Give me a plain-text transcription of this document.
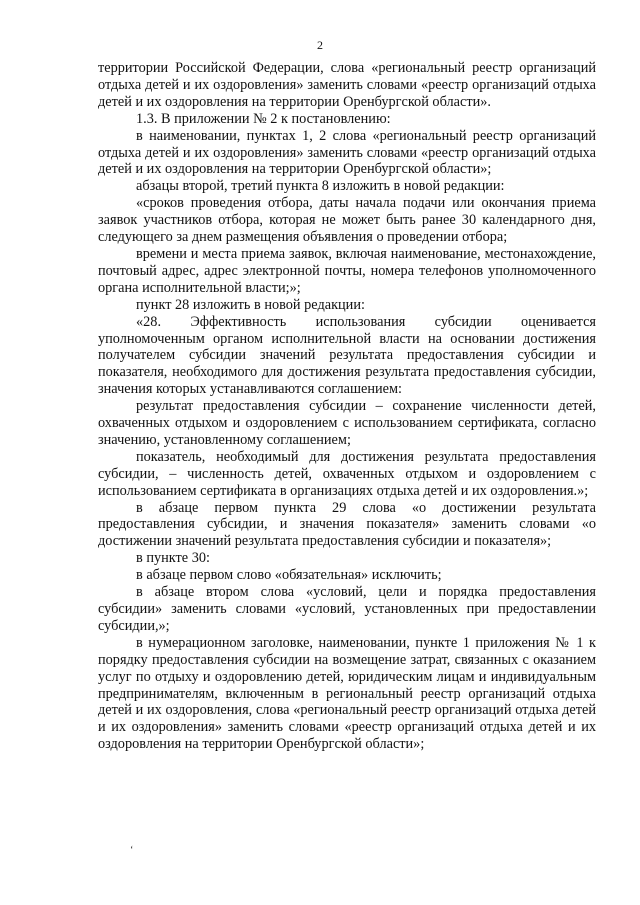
2

территории Российской Федерации, слова «региональный реестр организаций отдыха детей и их оздоровления» заменить словами «реестр организаций отдыха детей и их оздоровления на территории Оренбургской области».

1.3. В приложении № 2 к постановлению:

в наименовании, пунктах 1, 2 слова «региональный реестр организаций отдыха детей и их оздоровления» заменить словами «реестр организаций отдыха детей и их оздоровления на территории Оренбургской области»;

абзацы второй, третий пункта 8 изложить в новой редакции:

«сроков проведения отбора, даты начала подачи или окончания приема заявок участников отбора, которая не может быть ранее 30 календарного дня, следующего за днем размещения объявления о проведении отбора;

времени и места приема заявок, включая наименование, местонахождение, почтовый адрес, адрес электронной почты, номера телефонов уполномоченного органа исполнительной власти;»;

пункт 28 изложить в новой редакции:

«28. Эффективность использования субсидии оценивается уполномоченным органом исполнительной власти на основании достижения получателем субсидии значений результата предоставления субсидии и показателя, необходимого для достижения результата предоставления субсидии, значения которых устанавливаются соглашением:

результат предоставления субсидии – сохранение численности детей, охваченных отдыхом и оздоровлением с использованием сертификата, согласно значению, установленному соглашением;

показатель, необходимый для достижения результата предоставления субсидии, – численность детей, охваченных отдыхом и оздоровлением с использованием сертификата в организациях отдыха детей и их оздоровления.»;

в абзаце первом пункта 29 слова «о достижении результата предоставления субсидии, и значения показателя» заменить словами «о достижении значений результата предоставления субсидии и показателя»;

в пункте 30:

в абзаце первом слово «обязательная» исключить;

в абзаце втором слова «условий, цели и порядка предоставления субсидии» заменить словами «условий, установленных при предоставлении субсидии,»;

в нумерационном заголовке, наименовании, пункте 1 приложения № 1 к порядку предоставления субсидии на возмещение затрат, связанных с оказанием услуг по отдыху и оздоровлению детей, юридическим лицам и индивидуальным предпринимателям, включенным в региональный реестр организаций отдыха детей и их оздоровления, слова «региональный реестр организаций отдыха детей и их оздоровления» заменить словами «реестр организаций отдыха детей и их оздоровления на территории Оренбургской области»;

‘
